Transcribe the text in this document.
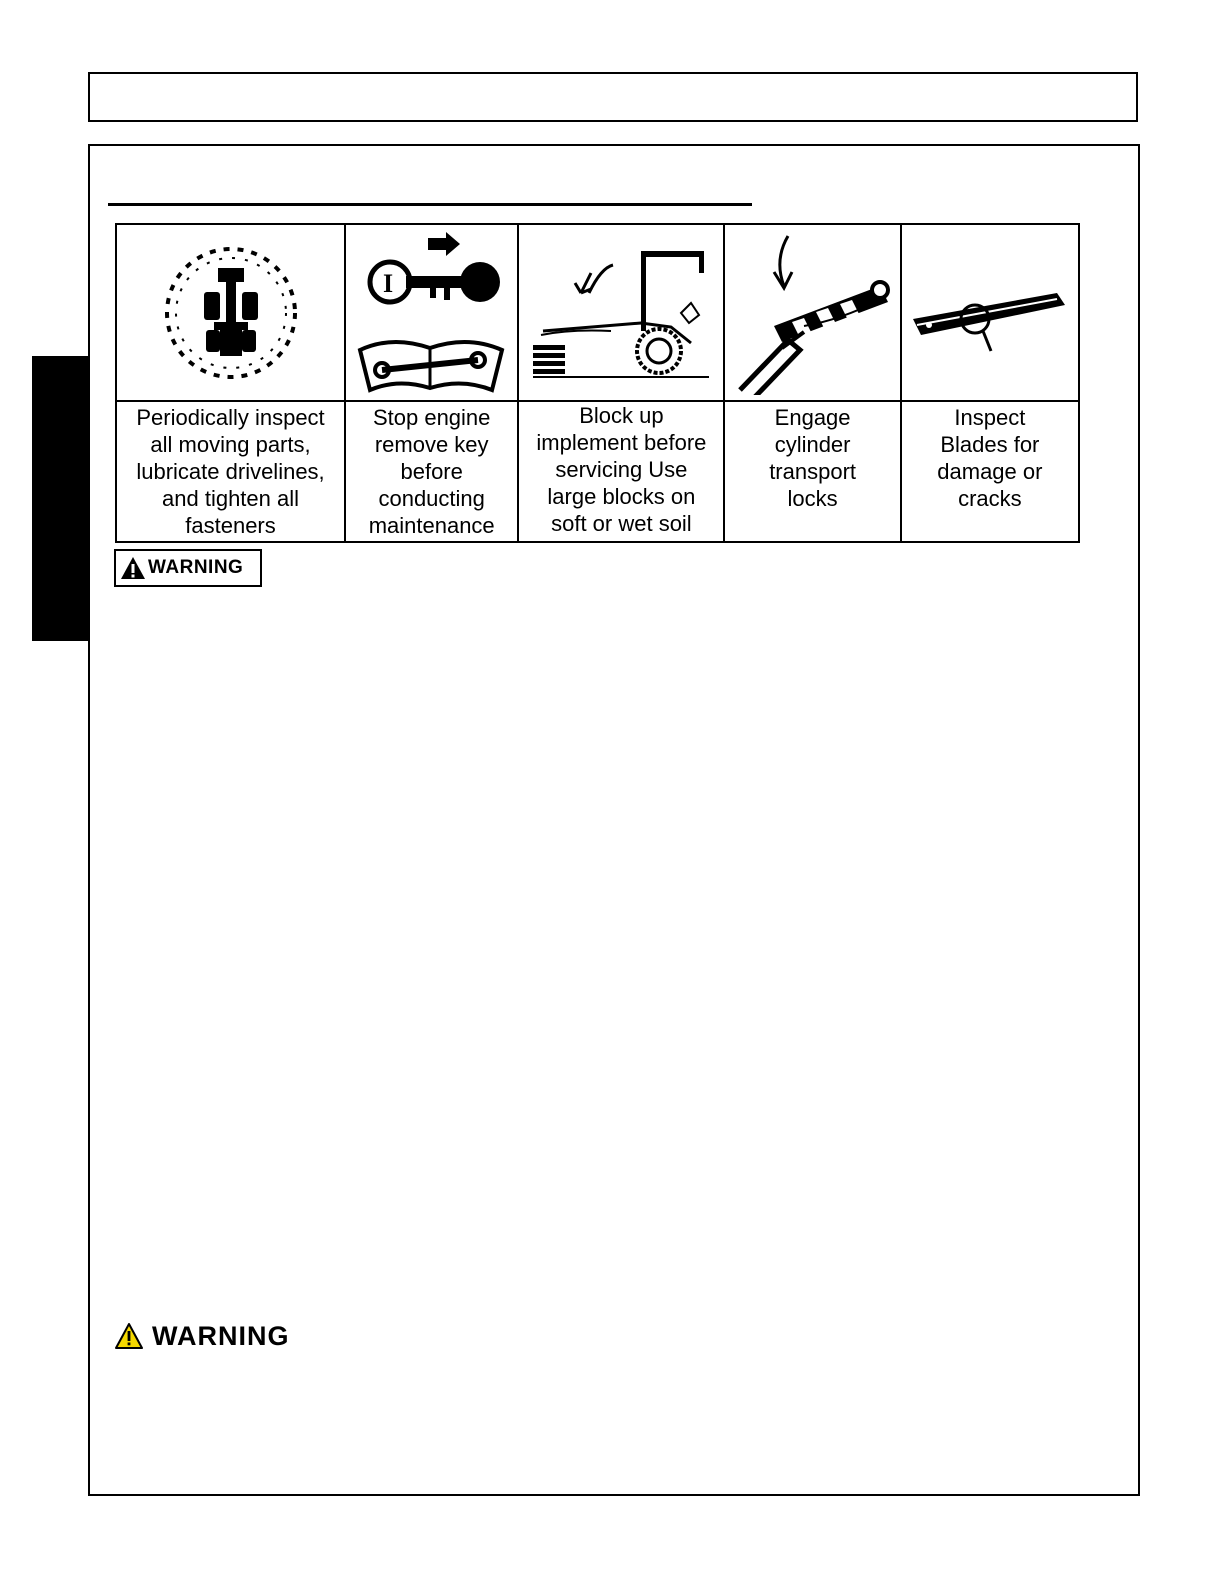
Periodically inspect
all moving parts,
lubricate drivelines,
and tighten all
fasteners
I
Stop engine
remove key
before
conducting
maintenance
Block up
implement before
servicing Use
large blocks on
soft or wet soil
Engage
cylinder
transport
locks
Inspect
Blades for
damage or
cracks
WARNING
WARNING
